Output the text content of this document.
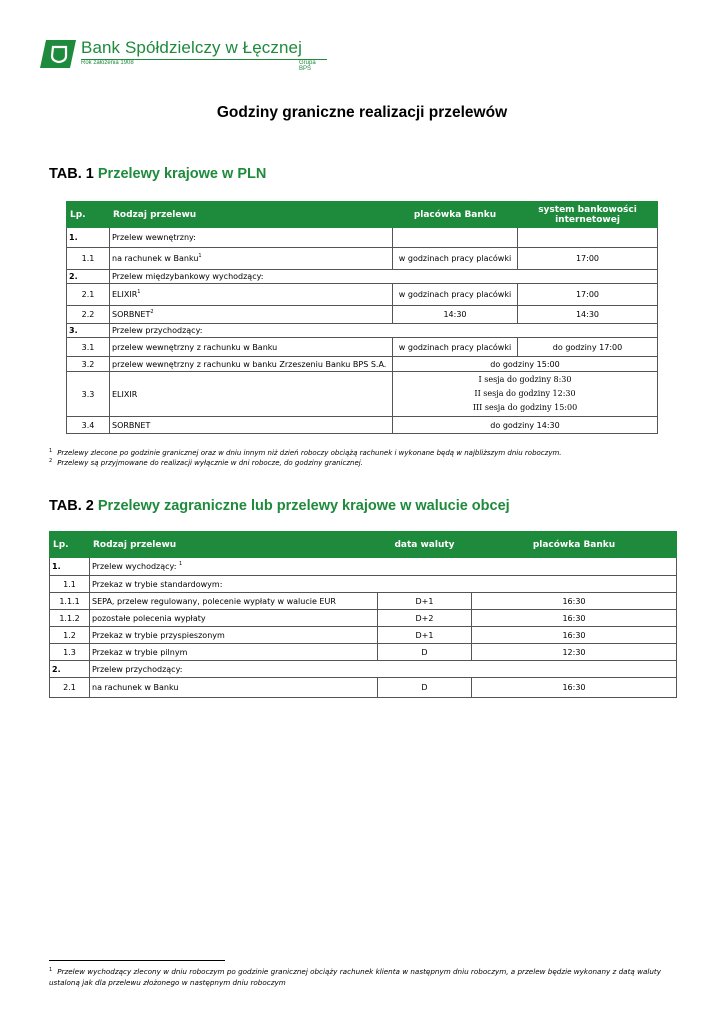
Bank Spółdzielczy w Łęcznej
Rok założenia 1908	Grupa BPS
Godziny graniczne realizacji przelewów
TAB. 1 Przelewy krajowe w PLN
Lp.	Rodzaj przelewu	placówka Banku	system bankowości internetowej
1.	Przelew wewnętrzny:		
1.1	na rachunek w Banku$^1$	w godzinach pracy placówki	17:00
2.	Przelew międzybankowy wychodzący:		
2.1	ELIXIR$^1$	w godzinach pracy placówki	17:00
2.2	SORBNET$^2$	14:30	14:30
3.	Przelew przychodzący:		
3.1	przelew wewnętrzny z rachunku w Banku	w godzinach pracy placówki	do godziny 17:00
3.2	przelew wewnętrzny z rachunku w banku Zrzeszeniu Banku BPS S.A.	do godziny 15:00	
3.3	ELIXIR	I sesja do godziny 8:30
II sesja do godziny 12:30
III sesja do godziny 15:00	

3.4	SORBNET	do godziny 14:30	
$^1$ Przelewy zlecone po godzinie granicznej oraz w dniu innym niż dzień roboczy obciążą rachunek i wykonane będą w najbliższym dniu roboczym.
$^2$ Przelewy są przyjmowane do realizacji wyłącznie w dni robocze, do godziny granicznej.
TAB. 2 Przelewy zagraniczne lub przelewy krajowe w walucie obcej
Lp.	Rodzaj przelewu	data waluty	placówka Banku
1.	Przelew wychodzący: $^1$
1.1	Przekaz w trybie standardowym:		
1.1.1	SEPA, przelew regulowany, polecenie wypłaty w walucie EUR	D+1	16:30
1.1.2	pozostałe polecenia wypłaty	D+2	16:30
1.2	Przekaz w trybie przyspieszonym	D+1	16:30
1.3	Przekaz w trybie pilnym	D	12:30
2.	Przelew przychodzący:		
2.1	na rachunek w Banku	D	16:30
$^1$ Przelew wychodzący zlecony w dniu roboczym po godzinie granicznej obciąży rachunek klienta w następnym dniu roboczym, a przelew będzie wykonany z datą waluty ustaloną jak dla przelewu złożonego w następnym dniu roboczym
